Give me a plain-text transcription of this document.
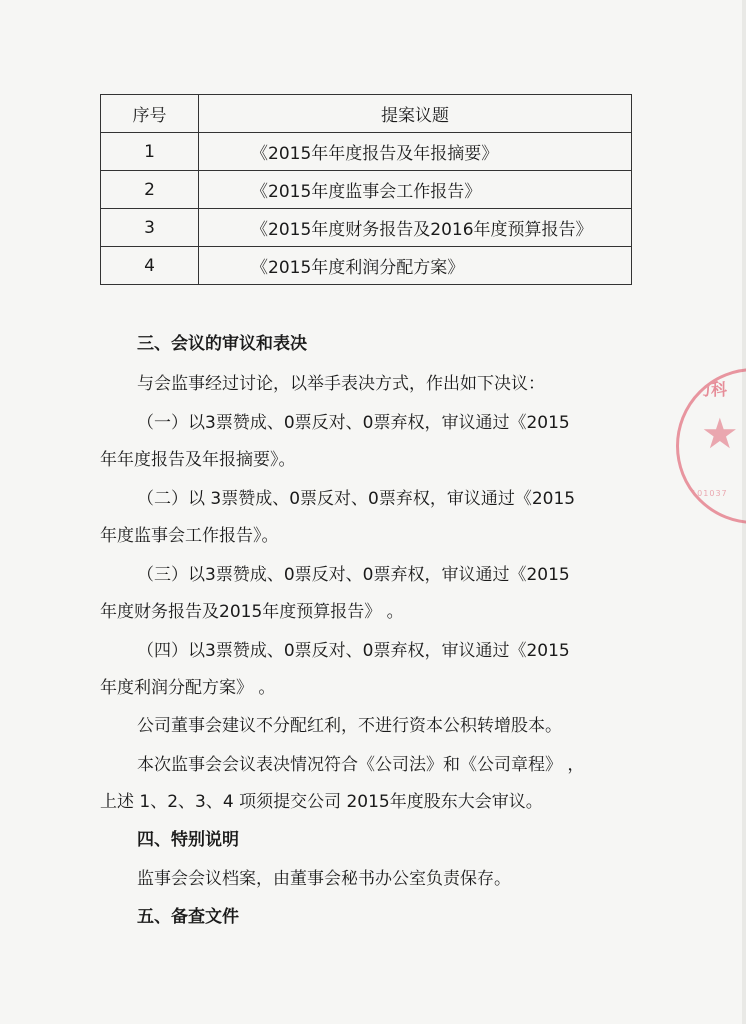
序号	提案议题
1	《2015年年度报告及年报摘要》
2	《2015年度监事会工作报告》
3	《2015年度财务报告及2016年度预算报告》
4	《2015年度利润分配方案》
三、会议的审议和表决
与会监事经过讨论，以举手表决方式，作出如下决议：
（一）以3票赞成、0票反对、0票弃权，审议通过《2015
年年度报告及年报摘要》。
（二）以 3票赞成、0票反对、0票弃权，审议通过《2015
年度监事会工作报告》。
（三）以3票赞成、0票反对、0票弃权，审议通过《2015
年度财务报告及2015年度预算报告》 。
（四）以3票赞成、0票反对、0票弃权，审议通过《2015
年度利润分配方案》 。
公司董事会建议不分配红利，不进行资本公积转增股本。
本次监事会会议表决情况符合《公司法》和《公司章程》 ，
上述 1、2、3、4 项须提交公司 2015年度股东大会审议。
四、特别说明
监事会会议档案，由董事会秘书办公室负责保存。
五、备查文件
力科
★
1101037
